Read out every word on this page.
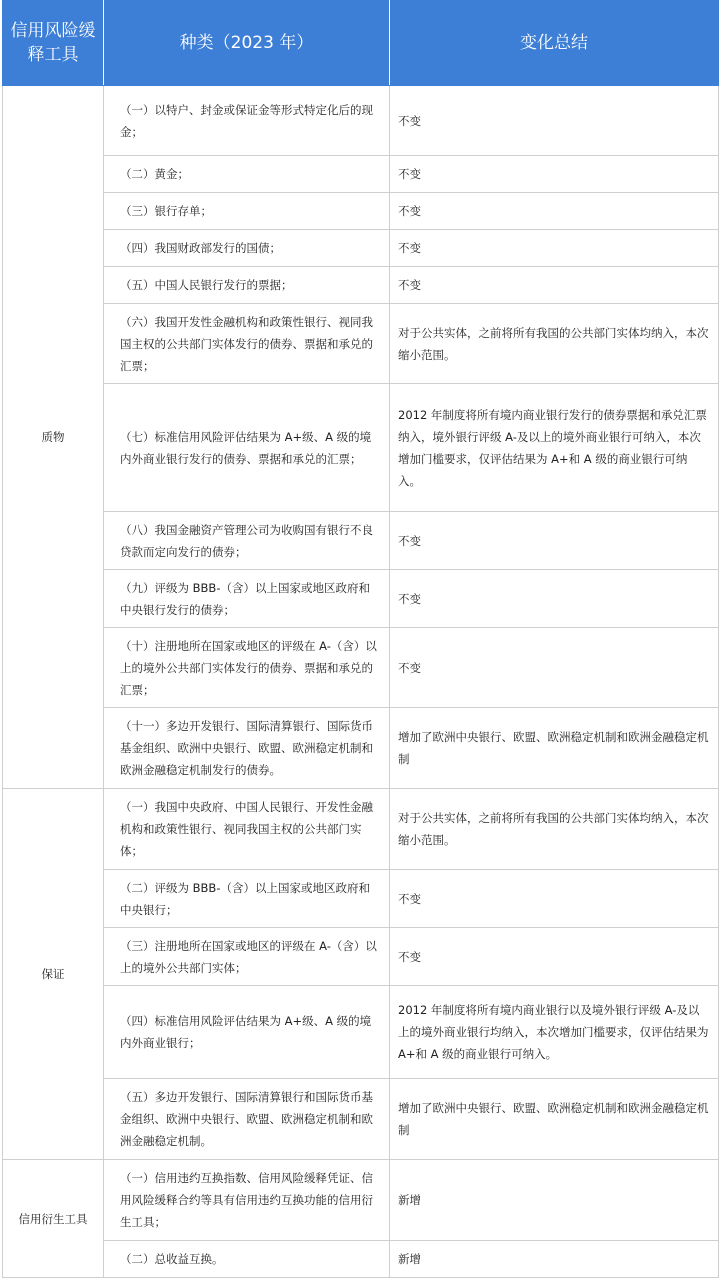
信用风险缓释工具	种类（2023 年）	变化总结
质物	（一）以特户、封金或保证金等形式特定化后的现金；	不变
	（二）黄金；	不变
	（三）银行存单；	不变
	（四）我国财政部发行的国债；	不变
	（五）中国人民银行发行的票据；	不变
	（六）我国开发性金融机构和政策性银行、视同我国主权的公共部门实体发行的债券、票据和承兑的汇票；	对于公共实体，之前将所有我国的公共部门实体均纳入，本次缩小范围。
	（七）标准信用风险评估结果为 A+级、A 级的境内外商业银行发行的债券、票据和承兑的汇票；	2012 年制度将所有境内商业银行发行的债券票据和承兑汇票纳入，境外银行评级 A-及以上的境外商业银行可纳入，本次增加门槛要求，仅评估结果为 A+和 A 级的商业银行可纳入。
	（八）我国金融资产管理公司为收购国有银行不良贷款而定向发行的债券；	不变
	（九）评级为 BBB-（含）以上国家或地区政府和中央银行发行的债券；	不变
	（十）注册地所在国家或地区的评级在 A-（含）以上的境外公共部门实体发行的债券、票据和承兑的汇票；	不变
	（十一）多边开发银行、国际清算银行、国际货币基金组织、欧洲中央银行、欧盟、欧洲稳定机制和欧洲金融稳定机制发行的债券。	增加了欧洲中央银行、欧盟、欧洲稳定机制和欧洲金融稳定机制
保证	（一）我国中央政府、中国人民银行、开发性金融机构和政策性银行、视同我国主权的公共部门实体；	对于公共实体，之前将所有我国的公共部门实体均纳入，本次缩小范围。
	（二）评级为 BBB-（含）以上国家或地区政府和中央银行；	不变
	（三）注册地所在国家或地区的评级在 A-（含）以上的境外公共部门实体；	不变
	（四）标准信用风险评估结果为 A+级、A 级的境内外商业银行；	2012 年制度将所有境内商业银行以及境外银行评级 A-及以上的境外商业银行均纳入，本次增加门槛要求，仅评估结果为 A+和 A 级的商业银行可纳入。
	（五）多边开发银行、国际清算银行和国际货币基金组织、欧洲中央银行、欧盟、欧洲稳定机制和欧洲金融稳定机制。	增加了欧洲中央银行、欧盟、欧洲稳定机制和欧洲金融稳定机制
信用衍生工具	（一）信用违约互换指数、信用风险缓释凭证、信用风险缓释合约等具有信用违约互换功能的信用衍生工具；	新增
	（二）总收益互换。	新增
